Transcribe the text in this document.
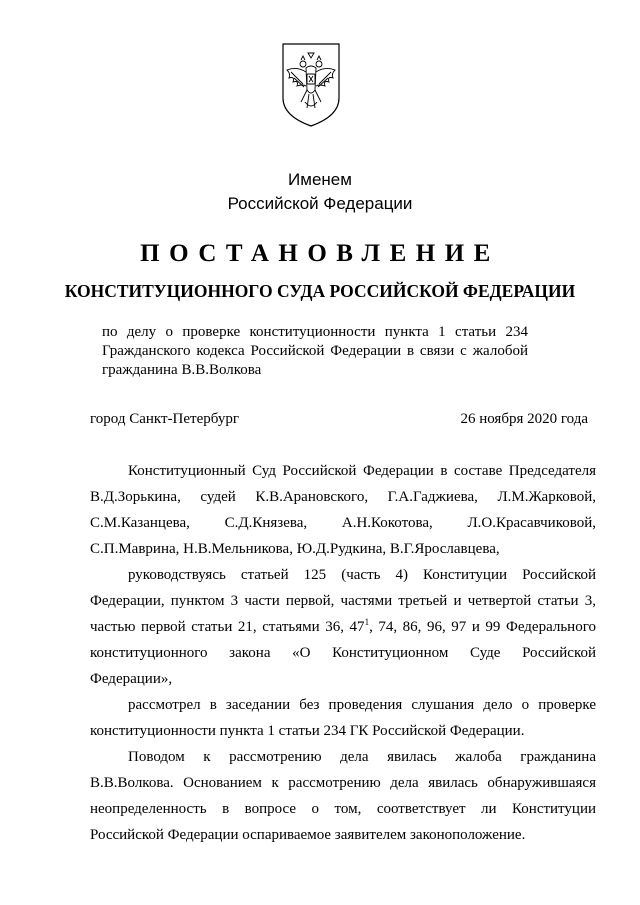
Именем
Российской Федерации
ПОСТАНОВЛЕНИЕ
КОНСТИТУЦИОННОГО СУДА РОССИЙСКОЙ ФЕДЕРАЦИИ
по делу о проверке конституционности пункта 1 статьи 234
Гражданского кодекса Российской Федерации в связи с жалобой
гражданина В.В.Волкова
город Санкт-Петербург	26 ноября 2020 года
Конституционный Суд Российской Федерации в составе Председателя
В.Д.Зорькина, судей К.В.Арановского, Г.А.Гаджиева, Л.М.Жарковой,
С.М.Казанцева, С.Д.Князева, А.Н.Кокотова, Л.О.Красавчиковой,
С.П.Маврина, Н.В.Мельникова, Ю.Д.Рудкина, В.Г.Ярославцева,
руководствуясь статьей 125 (часть 4) Конституции Российской
Федерации, пунктом 3 части первой, частями третьей и четвертой статьи 3,
частью первой статьи 21, статьями 36, $47^1$, 74, 86, 96, 97 и 99 Федерального
конституционного закона «О Конституционном Суде Российской
Федерации»,
рассмотрел в заседании без проведения слушания дело о проверке
конституционности пункта 1 статьи 234 ГК Российской Федерации.
Поводом к рассмотрению дела явилась жалоба гражданина
В.В.Волкова. Основанием к рассмотрению дела явилась обнаружившаяся
неопределенность в вопросе о том, соответствует ли Конституции
Российской Федерации оспариваемое заявителем законоположение.
